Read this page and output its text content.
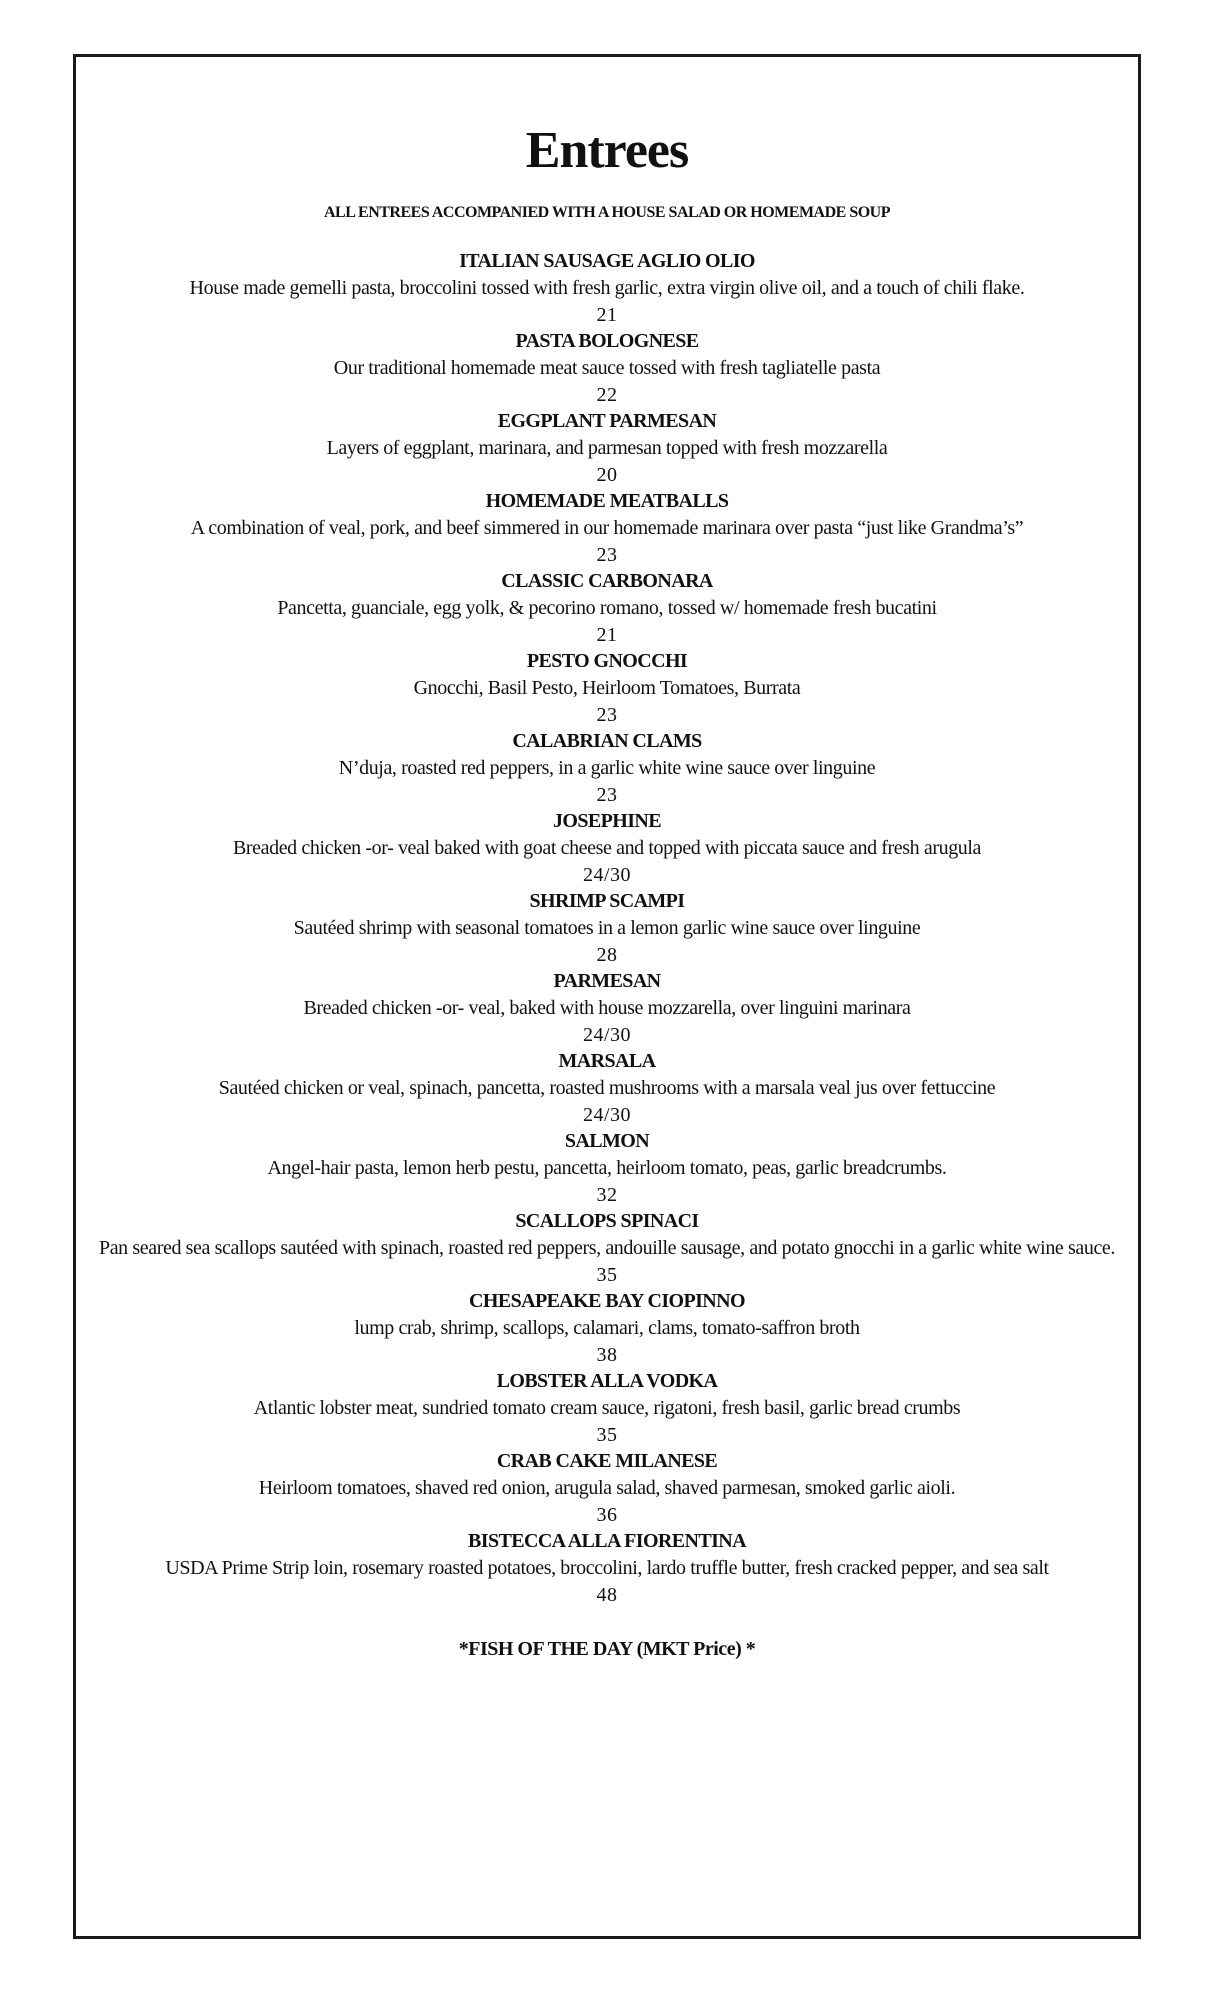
Entrees
ALL ENTREES ACCOMPANIED WITH A HOUSE SALAD OR HOMEMADE SOUP
ITALIAN SAUSAGE AGLIO OLIO
House made gemelli pasta, broccolini tossed with fresh garlic, extra virgin olive oil, and a touch of chili flake.
21
PASTA BOLOGNESE
Our traditional homemade meat sauce tossed with fresh tagliatelle pasta
22
EGGPLANT PARMESAN
Layers of eggplant, marinara, and parmesan topped with fresh mozzarella
20
HOMEMADE MEATBALLS
A combination of veal, pork, and beef simmered in our homemade marinara over pasta “just like Grandma’s”
23
CLASSIC CARBONARA
Pancetta, guanciale, egg yolk, & pecorino romano, tossed w/ homemade fresh bucatini
21
PESTO GNOCCHI
Gnocchi, Basil Pesto, Heirloom Tomatoes, Burrata
23
CALABRIAN CLAMS
N’duja, roasted red peppers, in a garlic white wine sauce over linguine
23
JOSEPHINE
Breaded chicken -or- veal baked with goat cheese and topped with piccata sauce and fresh arugula
24/30
SHRIMP SCAMPI
Sautéed shrimp with seasonal tomatoes in a lemon garlic wine sauce over linguine
28
PARMESAN
Breaded chicken -or- veal, baked with house mozzarella, over linguini marinara
24/30
MARSALA
Sautéed chicken or veal, spinach, pancetta, roasted mushrooms with a marsala veal jus over fettuccine
24/30
SALMON
Angel-hair pasta, lemon herb pestu, pancetta, heirloom tomato, peas, garlic breadcrumbs.
32
SCALLOPS SPINACI
Pan seared sea scallops sautéed with spinach, roasted red peppers, andouille sausage, and potato gnocchi in a garlic white wine sauce.
35
CHESAPEAKE BAY CIOPINNO
lump crab, shrimp, scallops, calamari, clams, tomato-saffron broth
38
LOBSTER ALLA VODKA
Atlantic lobster meat, sundried tomato cream sauce, rigatoni, fresh basil, garlic bread crumbs
35
CRAB CAKE MILANESE
Heirloom tomatoes, shaved red onion, arugula salad, shaved parmesan, smoked garlic aioli.
36
BISTECCA ALLA FIORENTINA
USDA Prime Strip loin, rosemary roasted potatoes, broccolini, lardo truffle butter, fresh cracked pepper, and sea salt
48
*FISH OF THE DAY (MKT Price) *
